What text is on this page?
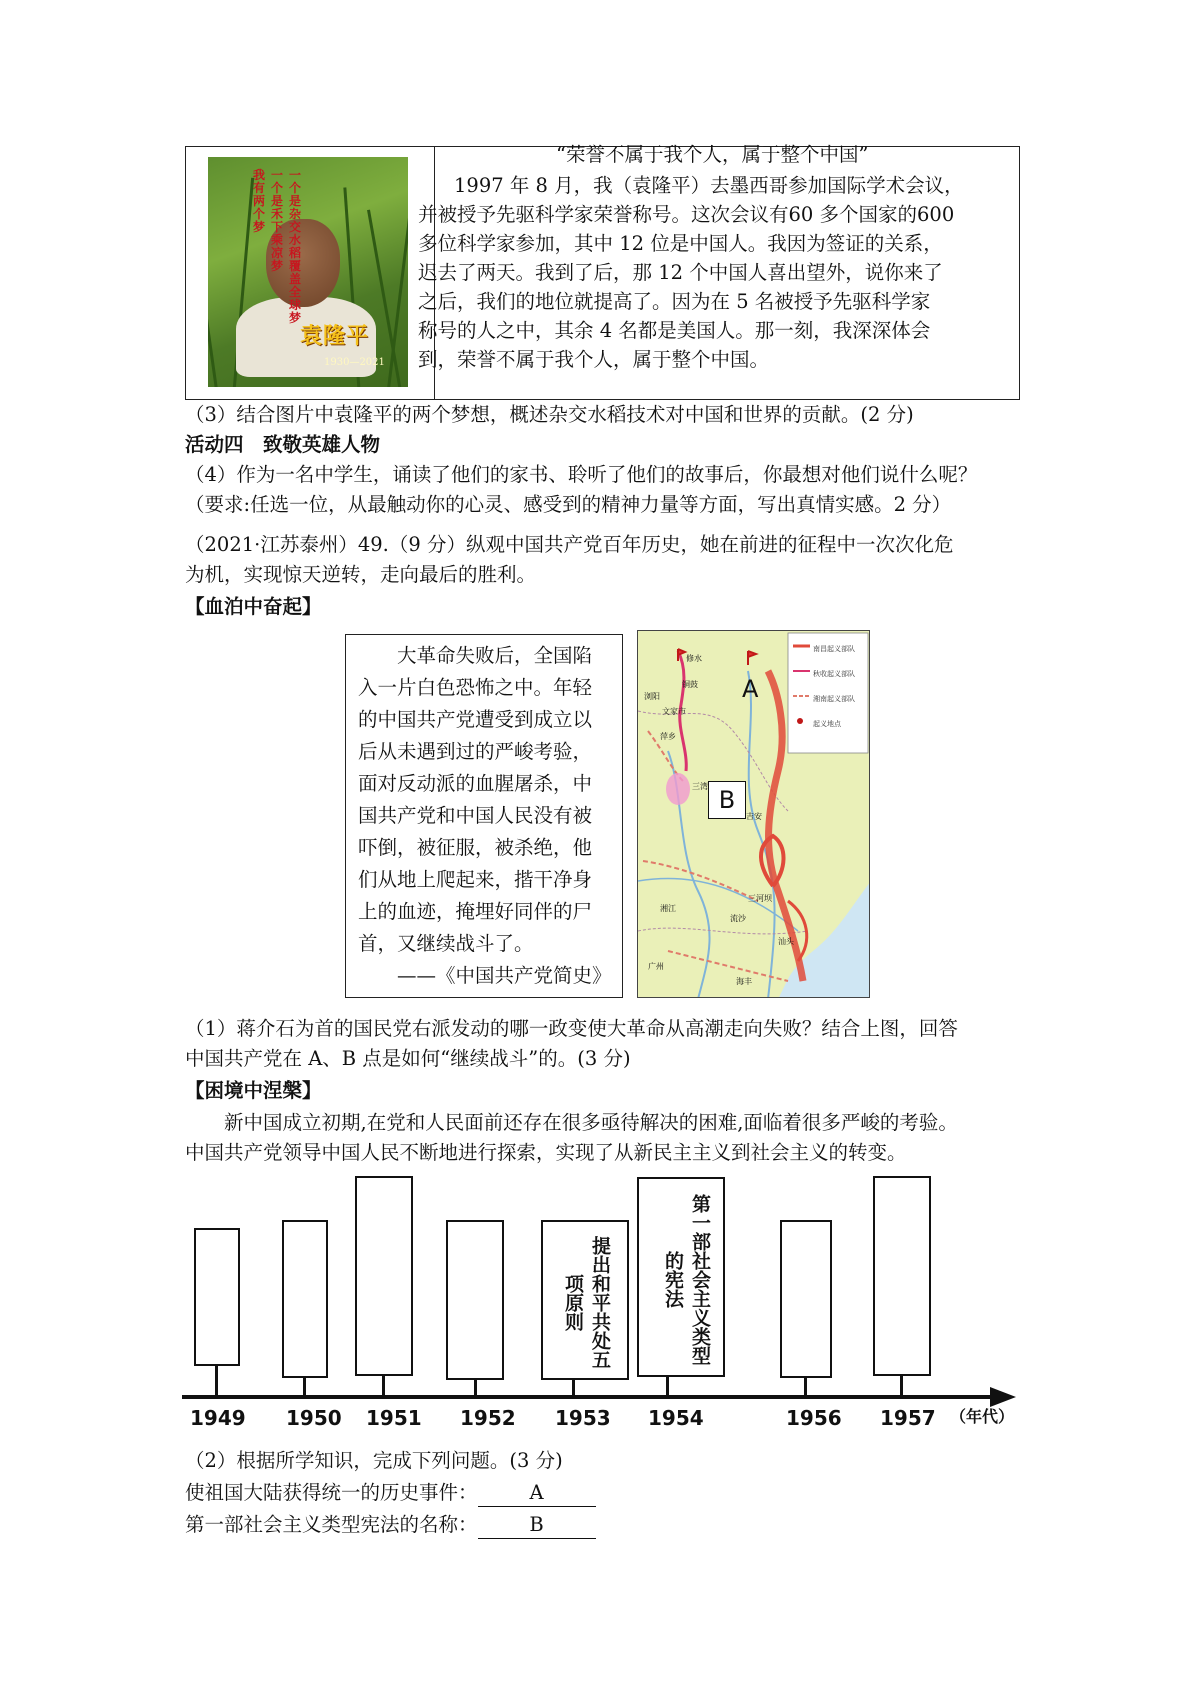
我
有
两
个
梦
一
个
是
禾
下
乘
凉
梦
一
个
是
杂
交
水
稻
覆
盖
全
球
梦
袁隆平
1930—2021
“荣誉不属于我个人，属于整个中国”
1997 年 8 月，我（袁隆平）去墨西哥参加国际学术会议，
并被授予先驱科学家荣誉称号。这次会议有60 多个国家的600
多位科学家参加，其中 12 位是中国人。我因为签证的关系，
迟去了两天。我到了后，那 12 个中国人喜出望外，说你来了
之后，我们的地位就提高了。因为在 5 名被授予先驱科学家
称号的人之中，其余 4 名都是美国人。那一刻，我深深体会
到，荣誉不属于我个人，属于整个中国。
（3）结合图片中袁隆平的两个梦想，概述杂交水稻技术对中国和世界的贡献。(2 分)
活动四　致敬英雄人物
（4）作为一名中学生，诵读了他们的家书、聆听了他们的故事后，你最想对他们说什么呢？
（要求:任选一位，从最触动你的心灵、感受到的精神力量等方面，写出真情实感。2 分）
（2021·江苏泰州）49.（9 分）纵观中国共产党百年历史，她在前进的征程中一次次化危
为机，实现惊天逆转，走向最后的胜利。
【血泊中奋起】
　　大革命失败后，全国陷
入一片白色恐怖之中。年轻
的中国共产党遭受到成立以
后从未遇到过的严峻考验，
面对反动派的血腥屠杀，中
国共产党和中国人民没有被
吓倒，被征服，被杀绝，他
们从地上爬起来，揩干净身
上的血迹，掩埋好同伴的尸
首，又继续战斗了。
　　——《中国共产党简史》
南昌起义部队
秋收起义部队
湘南起义部队
起义地点
修水
铜鼓
浏阳
文家市
萍乡
三湾
吉安
湘江
三河坝
流沙
汕头
海丰
广州
A
B
（1）蒋介石为首的国民党右派发动的哪一政变使大革命从高潮走向失败？结合上图，回答
中国共产党在 A、B 点是如何“继续战斗”的。(3 分)
【困境中涅槃】
　　新中国成立初期,在党和人民面前还存在很多亟待解决的困难,面临着很多严峻的考验。
中国共产党领导中国人民不断地进行探索，实现了从新民主主义到社会主义的转变。
1949 1950 1951 1952
提出和平共处五项原则
1953
第一部社会主义类型的宪法
1954	1956 1957 （年代）
（2）根据所学知识，完成下列问题。(3 分)
使祖国大陆获得统一的历史事件：	A
第一部社会主义类型宪法的名称：	B
